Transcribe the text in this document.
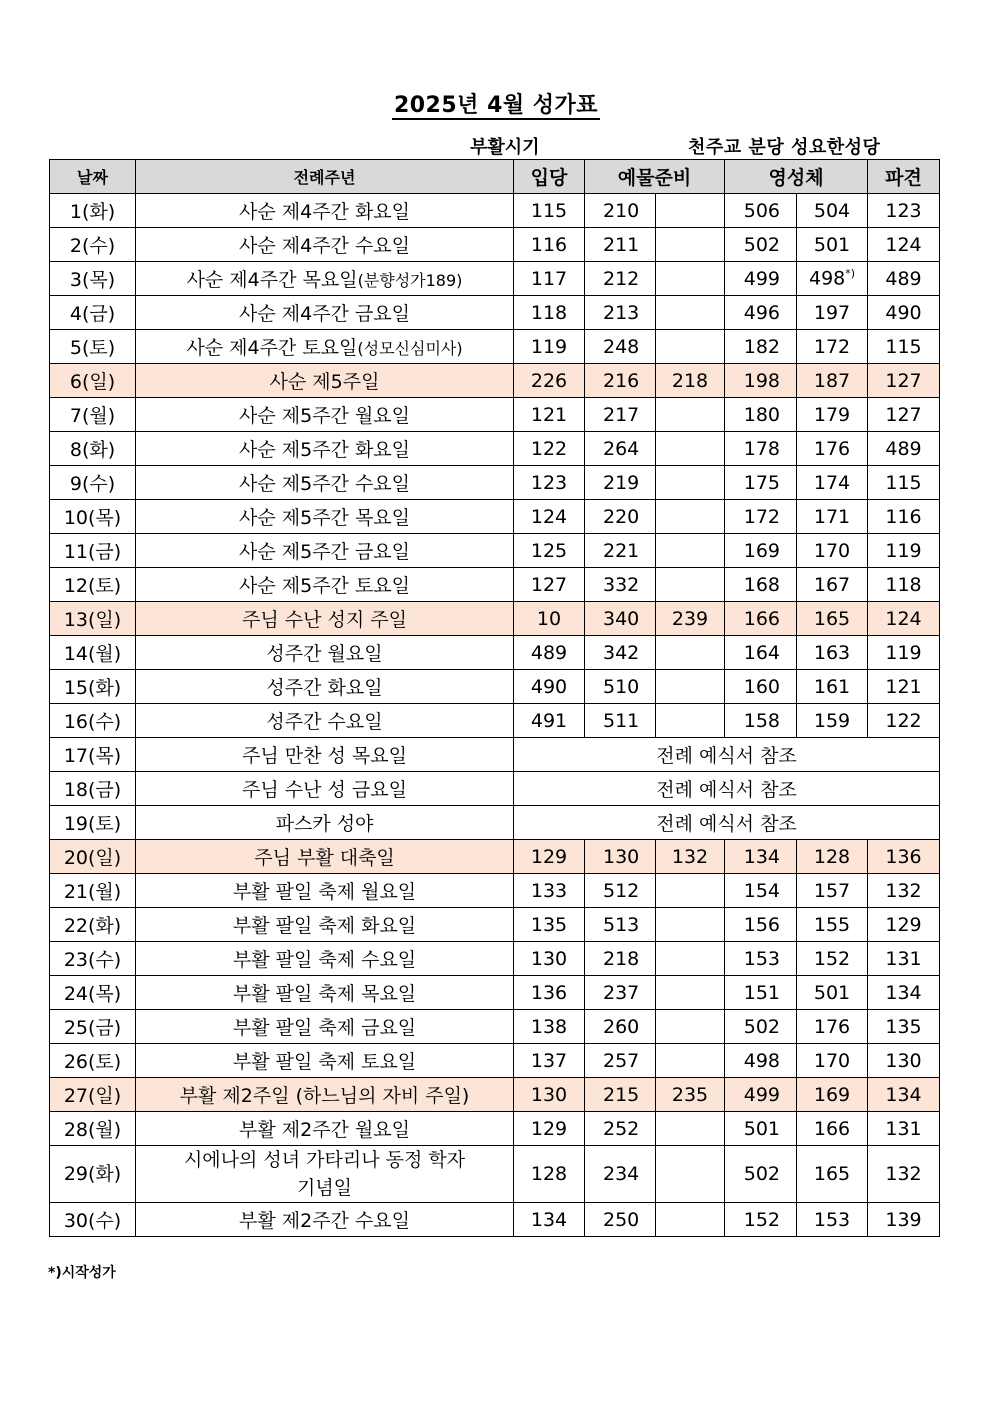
2025년 4월 성가표
부활시기	천주교 분당 성요한성당
날짜	전례주년	입당	예물준비		영성체		파견
1(화)	사순 제4주간 화요일	115	210		506	504	123
2(수)	사순 제4주간 수요일	116	211		502	501	124
3(목)	사순 제4주간 목요일(분향성가189)	117	212		499	498*)	489
4(금)	사순 제4주간 금요일	118	213		496	197	490
5(토)	사순 제4주간 토요일(성모신심미사)	119	248		182	172	115
6(일)	사순 제5주일	226	216	218	198	187	127
7(월)	사순 제5주간 월요일	121	217		180	179	127
8(화)	사순 제5주간 화요일	122	264		178	176	489
9(수)	사순 제5주간 수요일	123	219		175	174	115
10(목)	사순 제5주간 목요일	124	220		172	171	116
11(금)	사순 제5주간 금요일	125	221		169	170	119
12(토)	사순 제5주간 토요일	127	332		168	167	118
13(일)	주님 수난 성지 주일	10	340	239	166	165	124
14(월)	성주간 월요일	489	342		164	163	119
15(화)	성주간 화요일	490	510		160	161	121
16(수)	성주간 수요일	491	511		158	159	122
17(목)	주님 만찬 성 목요일	전례 예식서 참조					
18(금)	주님 수난 성 금요일	전례 예식서 참조					
19(토)	파스카 성야	전례 예식서 참조					
20(일)	주님 부활 대축일	129	130	132	134	128	136
21(월)	부활 팔일 축제 월요일	133	512		154	157	132
22(화)	부활 팔일 축제 화요일	135	513		156	155	129
23(수)	부활 팔일 축제 수요일	130	218		153	152	131
24(목)	부활 팔일 축제 목요일	136	237		151	501	134
25(금)	부활 팔일 축제 금요일	138	260		502	176	135
26(토)	부활 팔일 축제 토요일	137	257		498	170	130
27(일)	부활 제2주일 (하느님의 자비 주일)	130	215	235	499	169	134
28(월)	부활 제2주간 월요일	129	252		501	166	131
29(화)	시에나의 성녀 가타리나 동정 학자
기념일	128	234		502	165	132
30(수)	부활 제2주간 수요일	134	250		152	153	139
*)시작성가
